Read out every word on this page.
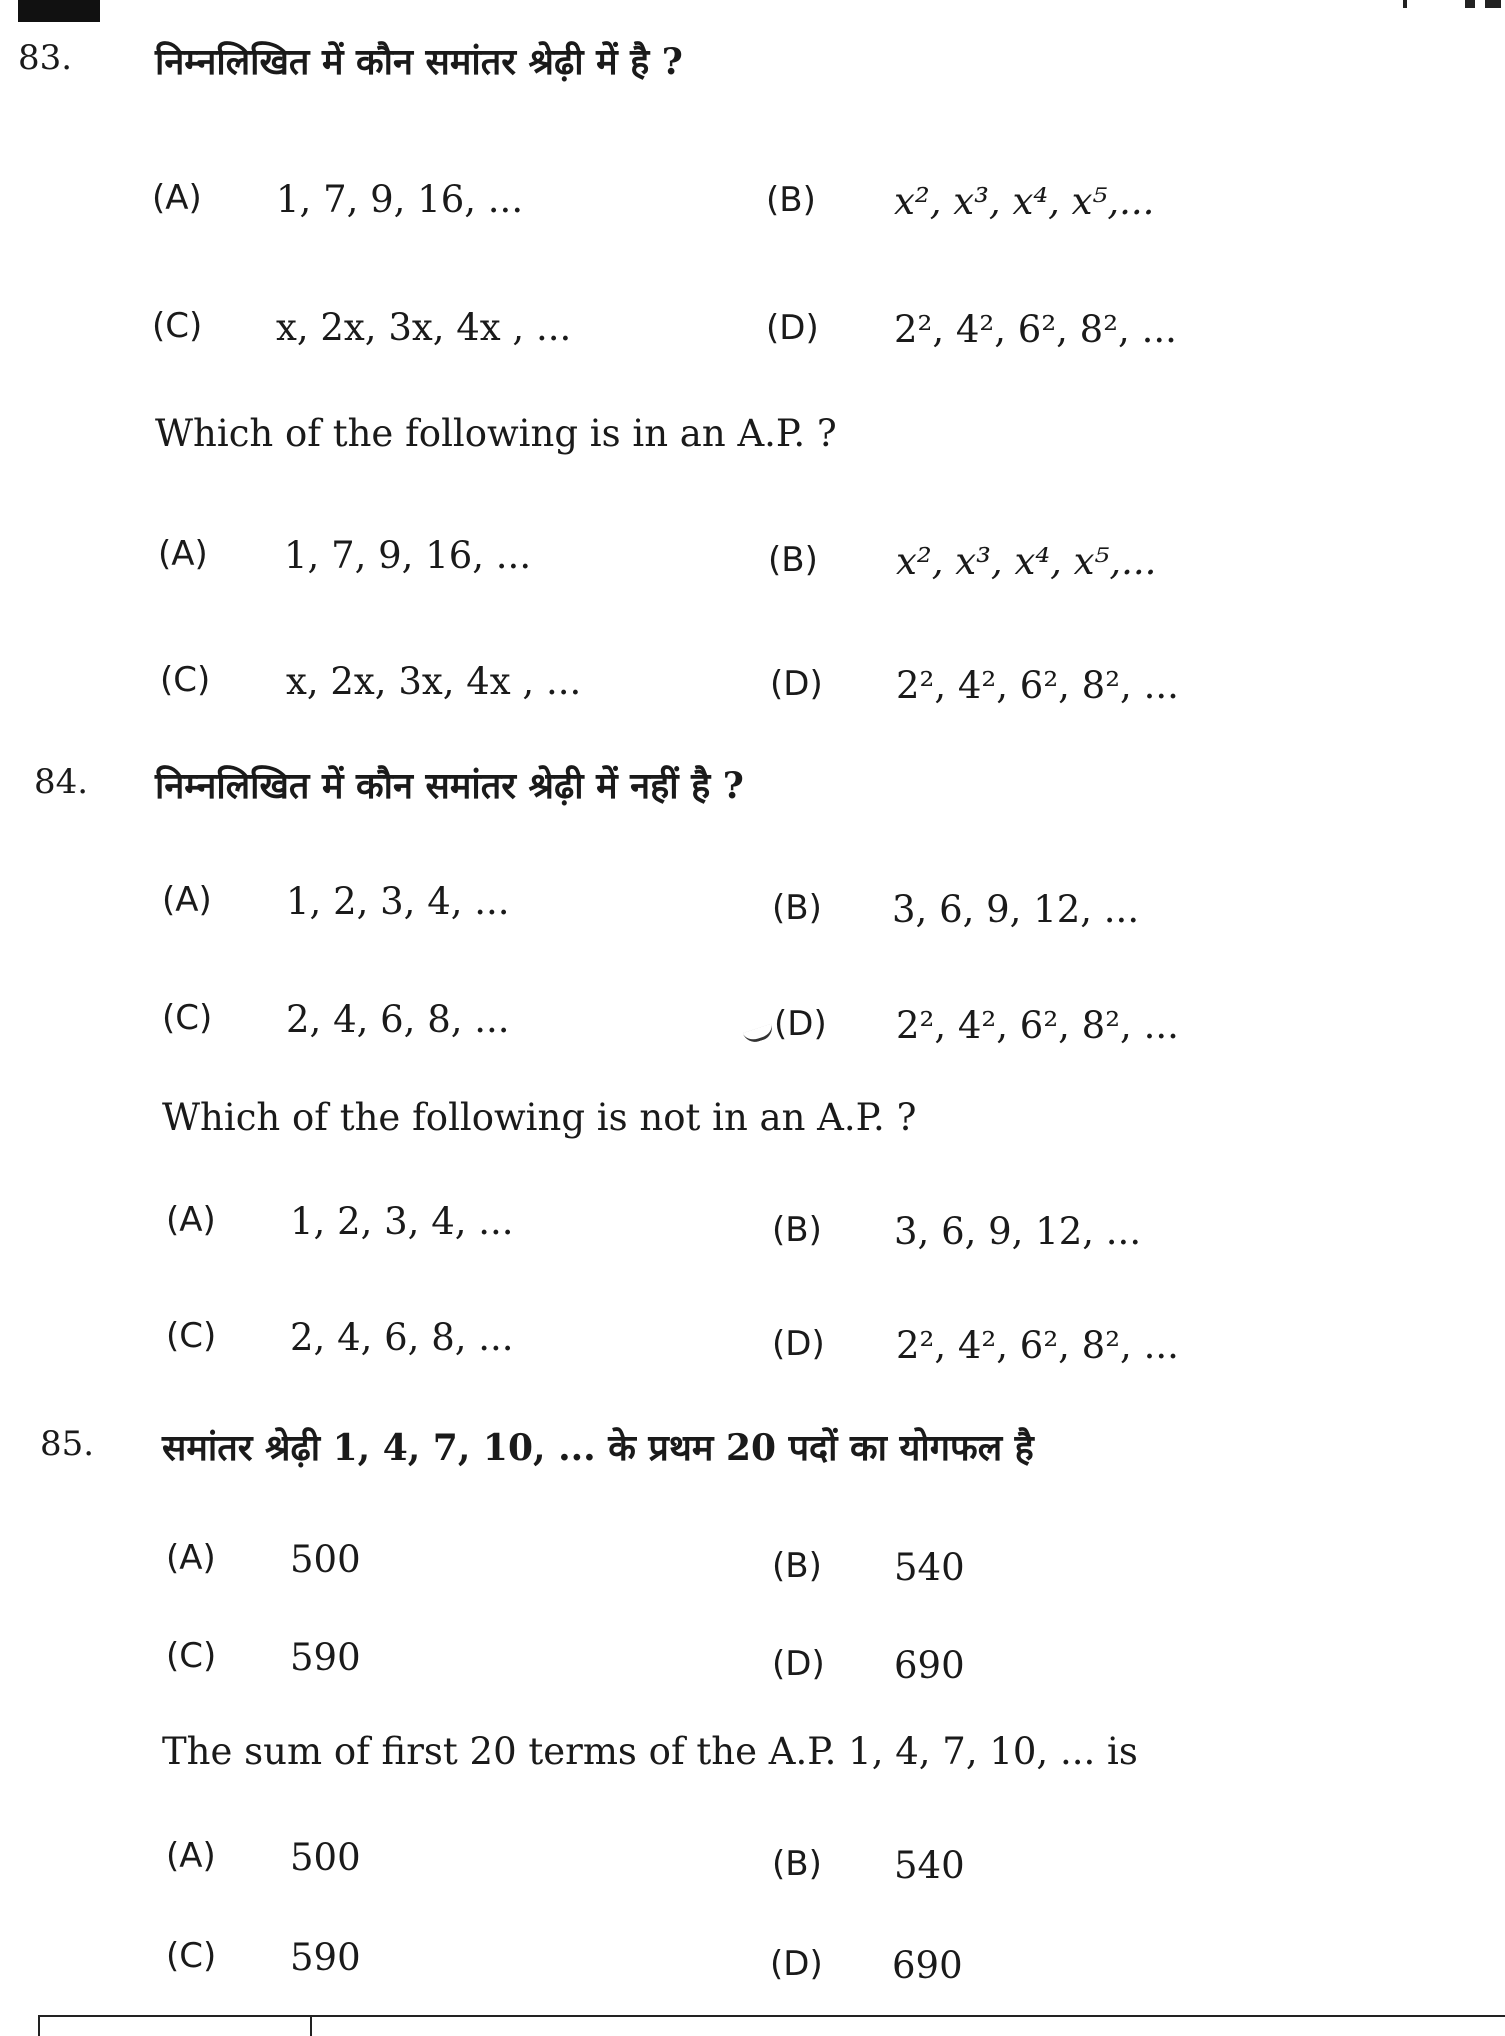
83. निम्नलिखित में कौन समांतर श्रेढ़ी में है ?
(A) 1, 7, 9, 16, ...	(B) x², x³, x⁴, x⁵,...
(C) x, 2x, 3x, 4x , ...	(D) 2², 4², 6², 8², ...
Which of the following is in an A.P. ?
(A) 1, 7, 9, 16, ...	(B) x², x³, x⁴, x⁵,...
(C) x, 2x, 3x, 4x , ...	(D) 2², 4², 6², 8², ...
84. निम्नलिखित में कौन समांतर श्रेढ़ी में नहीं है ?
(A) 1, 2, 3, 4, ...	(B) 3, 6, 9, 12, ...
(C) 2, 4, 6, 8, ...	(D) 2², 4², 6², 8², ...
Which of the following is not in an A.P. ?
(A) 1, 2, 3, 4, ...	(B) 3, 6, 9, 12, ...
(C) 2, 4, 6, 8, ...	(D) 2², 4², 6², 8², ...
85. समांतर श्रेढ़ी 1, 4, 7, 10, ... के प्रथम 20 पदों का योगफल है
(A) 500	(B) 540
(C) 590	(D) 690
The sum of first 20 terms of the A.P. 1, 4, 7, 10, ... is
(A) 500	(B) 540
(C) 590	(D) 690
